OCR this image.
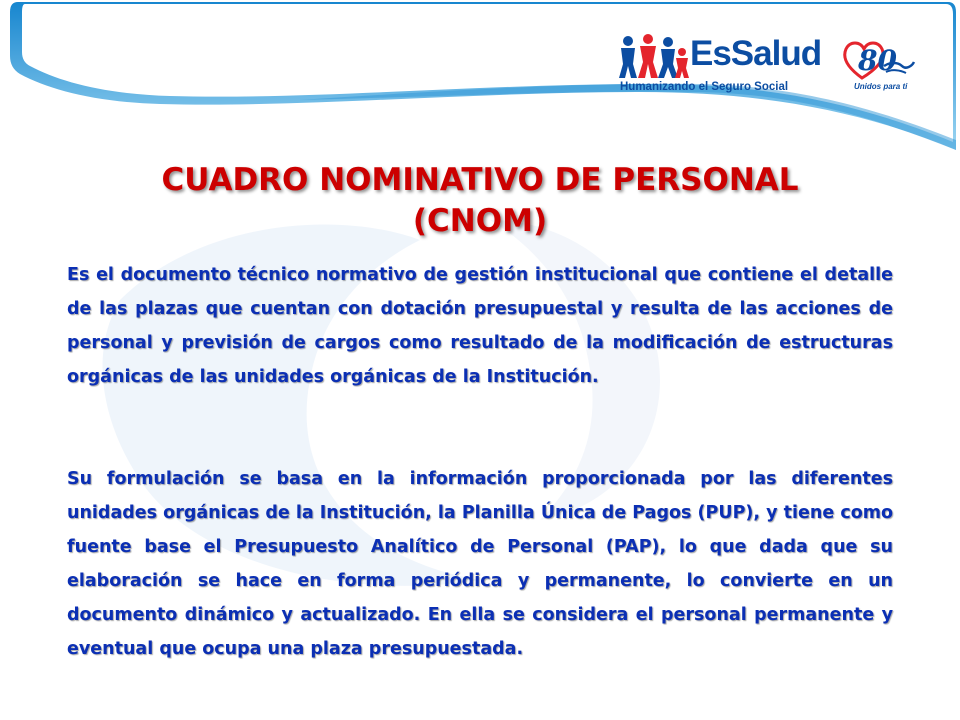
EsSalud
Humanizando el Seguro Social
80
Unidos para ti
CUADRO NOMINATIVO DE PERSONAL
(CNOM)

Es el documento técnico normativo de gestión institucional que contiene el detalle de las plazas que cuentan con dotación presupuestal y resulta de las acciones de personal y previsión de cargos como resultado de la modificación de estructuras orgánicas de las unidades orgánicas de la Institución.

Su formulación se basa en la información proporcionada por las diferentes unidades orgánicas de la Institución, la Planilla Única de Pagos (PUP), y tiene como fuente base el Presupuesto Analítico de Personal (PAP), lo que dada que su elaboración se hace en forma periódica y permanente, lo convierte en un documento dinámico y actualizado. En ella se considera el personal permanente y eventual que ocupa una plaza presupuestada.
